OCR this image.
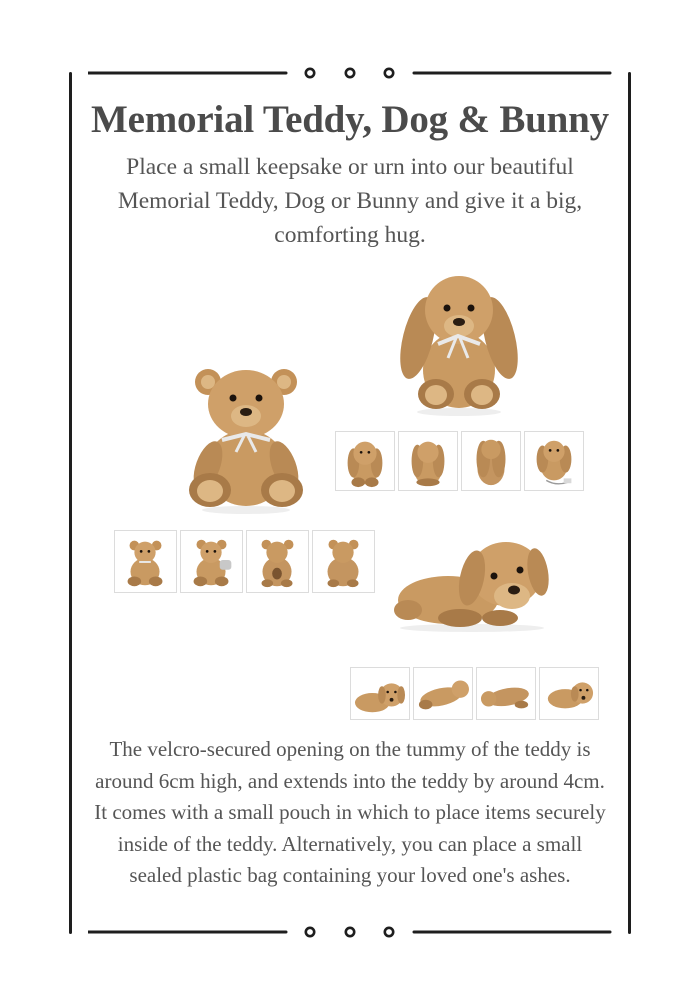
Memorial Teddy, Dog & Bunny

Place a small keepsake or urn into our beautiful Memorial Teddy, Dog or Bunny and give it a big, comforting hug.

The velcro-secured opening on the tummy of the teddy is around 6cm high, and extends into the teddy by around 4cm. It comes with a small pouch in which to place items securely inside of the teddy. Alternatively, you can place a small sealed plastic bag containing your loved one's ashes.
